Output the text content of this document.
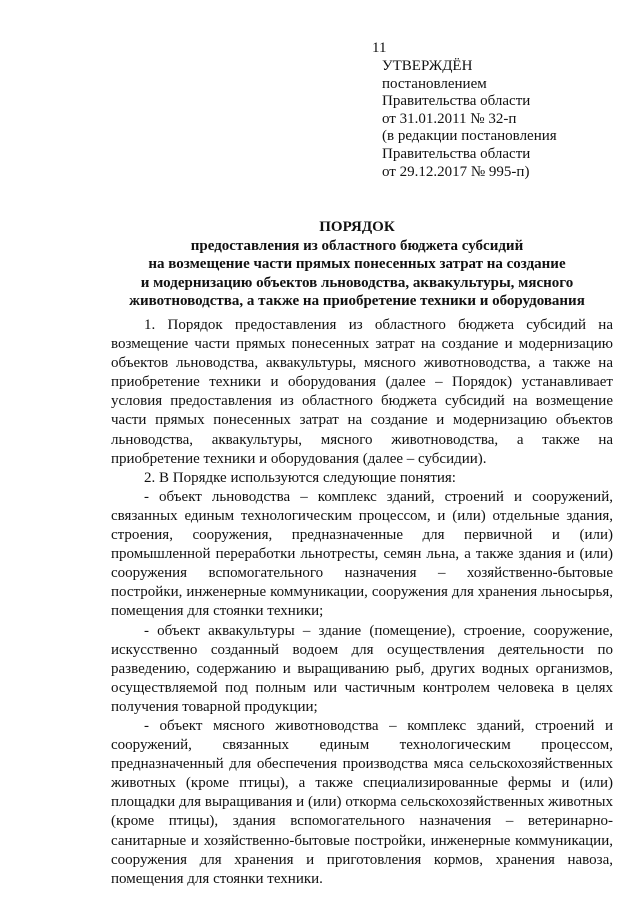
11
УТВЕРЖДЁН
постановлением
Правительства области
от 31.01.2011 № 32-п
(в редакции постановления
Правительства области
от 29.12.2017 № 995-п)
ПОРЯДОК
предоставления из областного бюджета субсидий
на возмещение части прямых понесенных затрат на создание
и модернизацию объектов льноводства, аквакультуры, мясного
животноводства, а также на приобретение техники и оборудования

1. Порядок предоставления из областного бюджета субсидий на возмещение части прямых понесенных затрат на создание и модернизацию объектов льноводства, аквакультуры, мясного животноводства, а также на приобретение техники и оборудования (далее – Порядок) устанавливает условия предоставления из областного бюджета субсидий на возмещение части прямых понесенных затрат на создание и модернизацию объектов льноводства, аквакультуры, мясного животноводства, а также на приобретение техники и оборудования (далее – субсидии).

2. В Порядке используются следующие понятия:

- объект льноводства – комплекс зданий, строений и сооружений, связанных единым технологическим процессом, и (или) отдельные здания, строения, сооружения, предназначенные для первичной и (или) промышленной переработки льнотресты, семян льна, а также здания и (или) сооружения вспомогательного назначения – хозяйственно-бытовые постройки, инженерные коммуникации, сооружения для хранения льносырья, помещения для стоянки техники;

- объект аквакультуры – здание (помещение), строение, сооружение, искусственно созданный водоем для осуществления деятельности по разведению, содержанию и выращиванию рыб, других водных организмов, осуществляемой под полным или частичным контролем человека в целях получения товарной продукции;

- объект мясного животноводства – комплекс зданий, строений и сооружений, связанных единым технологическим процессом, предназначенный для обеспечения производства мяса сельскохозяйственных животных (кроме птицы), а также специализированные фермы и (или) площадки для выращивания и (или) откорма сельскохозяйственных животных (кроме птицы), здания вспомогательного назначения – ветеринарно-санитарные и хозяйственно-бытовые постройки, инженерные коммуникации, сооружения для хранения и приготовления кормов, хранения навоза, помещения для стоянки техники.
